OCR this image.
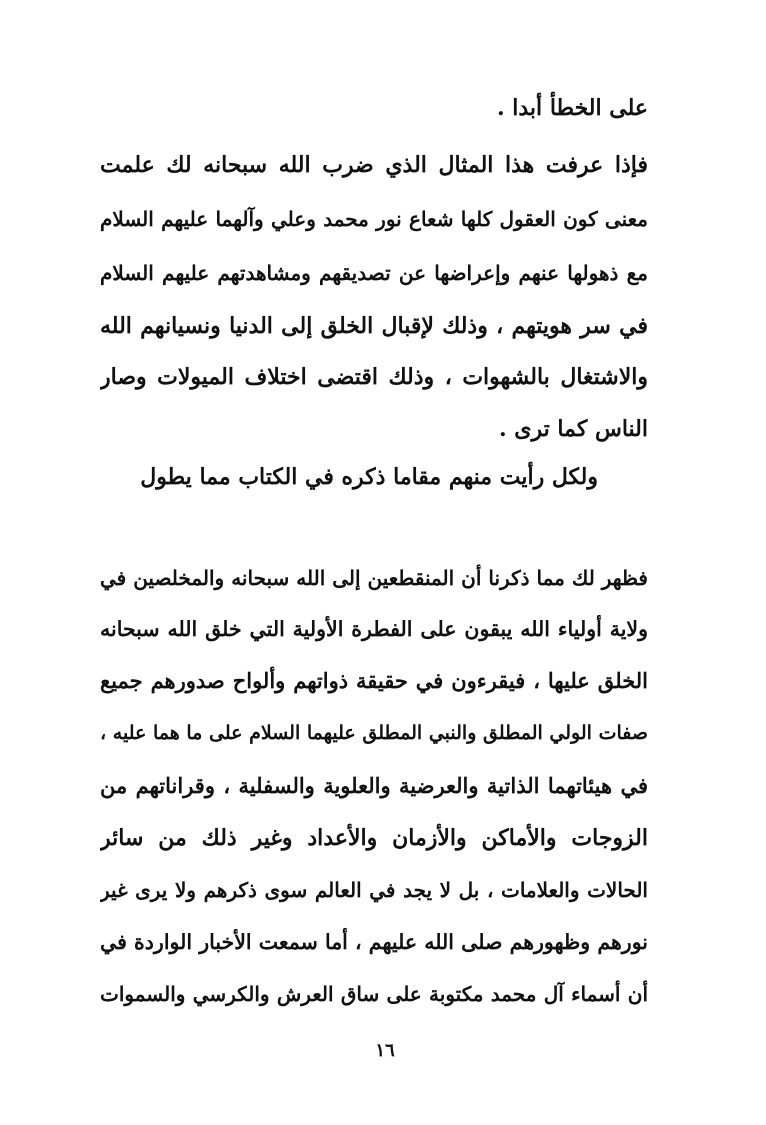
على الخطأ أبدا .
فإذا عرفت هذا المثال الذي ضرب الله سبحانه لك علمت
معنى كون العقول كلها شعاع نور محمد وعلي وآلهما عليهم السلام
مع ذهولها عنهم وإعراضها عن تصديقهم ومشاهدتهم عليهم السلام
في سر هويتهم ، وذلك لإقبال الخلق إلى الدنيا ونسيانهم الله
والاشتغال بالشهوات ، وذلك اقتضى اختلاف الميولات وصار
الناس كما ترى .
ولكل رأيت منهم مقاما ذكره في الكتاب مما يطول
فظهر لك مما ذكرنا أن المنقطعين إلى الله سبحانه والمخلصين في
ولاية أولياء الله يبقون على الفطرة الأولية التي خلق الله سبحانه
الخلق عليها ، فيقرءون في حقيقة ذواتهم وألواح صدورهم جميع
صفات الولي المطلق والنبي المطلق عليهما السلام على ما هما عليه ،
في هيئاتهما الذاتية والعرضية والعلوية والسفلية ، وقراناتهم من
الزوجات والأماكن والأزمان والأعداد وغير ذلك من سائر
الحالات والعلامات ، بل لا يجد في العالم سوى ذكرهم ولا يرى غير
نورهم وظهورهم صلى الله عليهم ، أما سمعت الأخبار الواردة في
أن أسماء آل محمد مكتوبة على ساق العرش والكرسي والسموات
١٦
